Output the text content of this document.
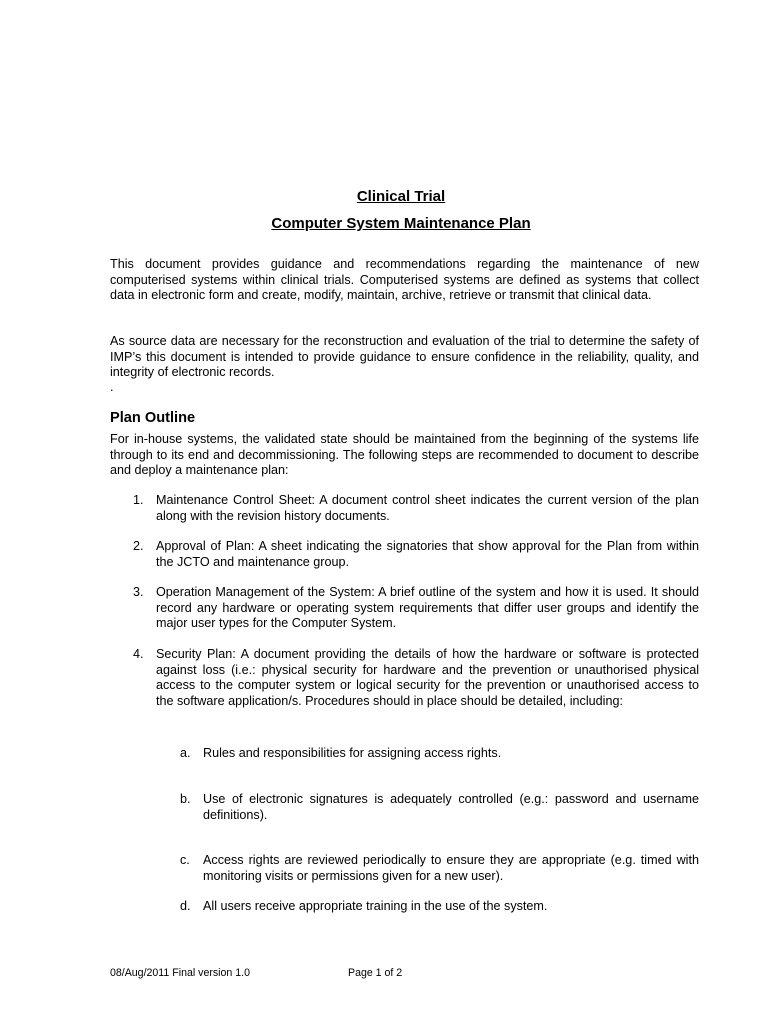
Clinical Trial
Computer System Maintenance Plan
This document provides guidance and recommendations regarding the maintenance of new computerised systems within clinical trials. Computerised systems are defined as systems that collect data in electronic form and create, modify, maintain, archive, retrieve or transmit that clinical data.
As source data are necessary for the reconstruction and evaluation of the trial to determine the safety of IMP’s this document is intended to provide guidance to ensure confidence in the reliability, quality, and integrity of electronic records.
.
Plan Outline
For in-house systems, the validated state should be maintained from the beginning of the systems life through to its end and decommissioning. The following steps are recommended to document to describe and deploy a maintenance plan:
1. Maintenance Control Sheet: A document control sheet indicates the current version of the plan along with the revision history documents.
2. Approval of Plan: A sheet indicating the signatories that show approval for the Plan from within the JCTO and maintenance group.
3. Operation Management of the System: A brief outline of the system and how it is used. It should record any hardware or operating system requirements that differ user groups and identify the major user types for the Computer System.
4. Security Plan: A document providing the details of how the hardware or software is protected against loss (i.e.: physical security for hardware and the prevention or unauthorised physical access to the computer system or logical security for the prevention or unauthorised access to the software application/s. Procedures should in place should be detailed, including:
a. Rules and responsibilities for assigning access rights.
b. Use of electronic signatures is adequately controlled (e.g.: password and username definitions).
c.	Access rights are reviewed periodically to ensure they are appropriate (e.g. timed with monitoring visits or permissions given for a new user).
d. All users receive appropriate training in the use of the system.
08/Aug/2011 Final version 1.0	Page 1 of 2
